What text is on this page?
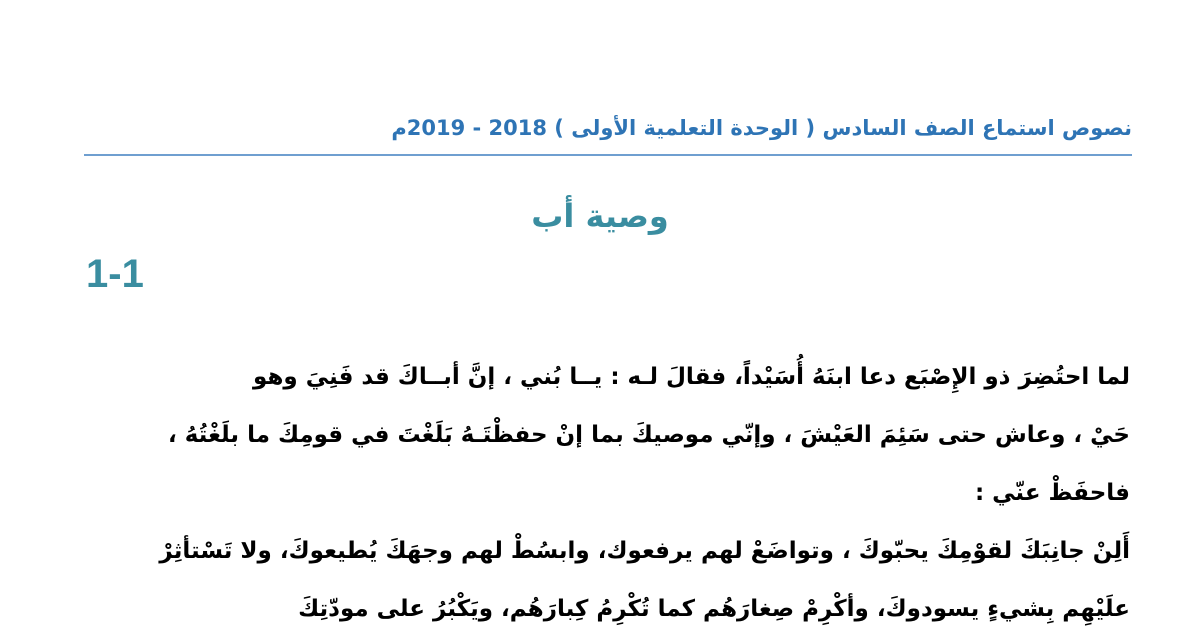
نصوص استماع الصف السادس ( الوحدة التعلمية الأولى ) 2018 - 2019م
وصية أب
1-1

لما احتُضِرَ ذو الإِصْبَع دعا ابنَهُ أُسَيْداً، فقالَ لـه : يــا بُني ، إنَّ أبــاكَ قد فَنِيَ وهو

حَيْ ، وعاش حتى سَئِمَ العَيْشَ ، وإنّي موصيكَ بما إنْ حفظْتَـهُ بَلَغْتَ في قومِكَ ما بلَغْتُهُ ،

فاحفَظْ عنّي :

أَلِنْ جانِبَكَ لقوْمِكَ يحبّوكَ ، وتواضَعْ لهم يرفعوك، وابسُطْ لهم وجهَكَ يُطيعوكَ، ولا تَسْتأثِرْ

علَيْهِم بِشيءٍ يسودوكَ، وأكْرِمْ صِغارَهُم كما تُكْرِمُ كِبارَهُم، ويَكْبُرُ على مودّتِكَ
